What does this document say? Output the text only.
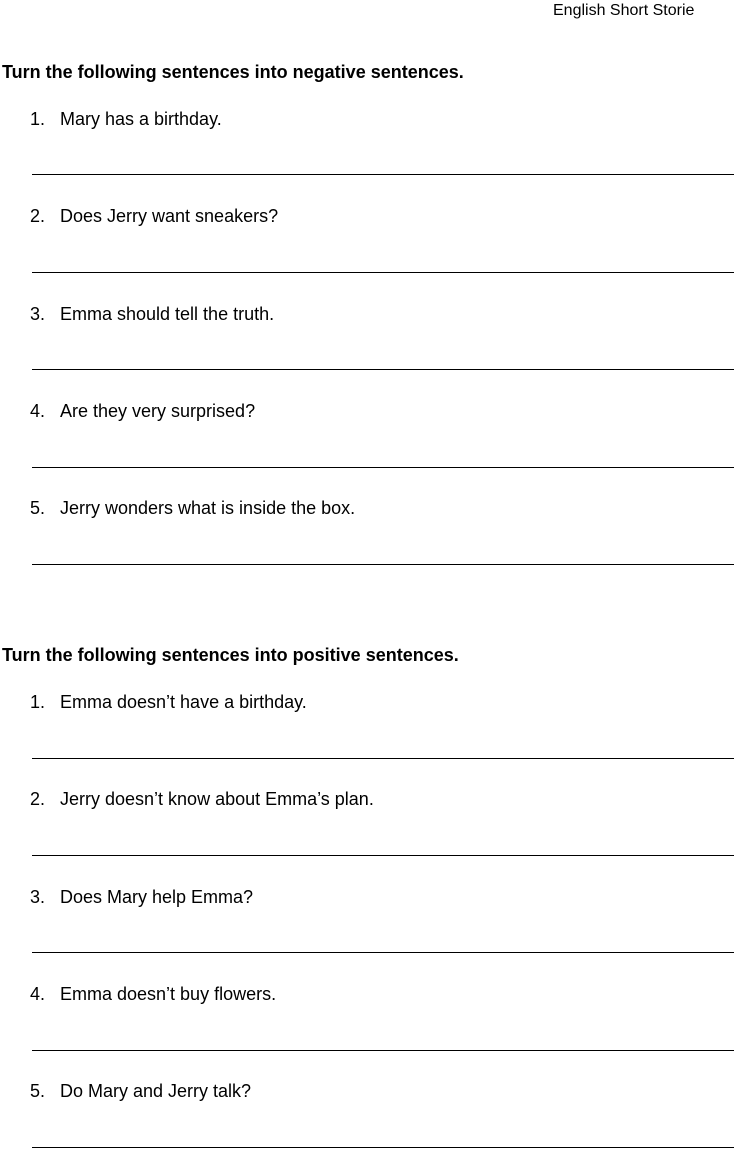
English Short Storie
Turn the following sentences into negative sentences.
1. Mary has a birthday.
2. Does Jerry want sneakers?
3. Emma should tell the truth.
4. Are they very surprised?
5. Jerry wonders what is inside the box.
Turn the following sentences into positive sentences.
1. Emma doesn’t have a birthday.
2. Jerry doesn’t know about Emma’s plan.
3. Does Mary help Emma?
4. Emma doesn’t buy flowers.
5. Do Mary and Jerry talk?
